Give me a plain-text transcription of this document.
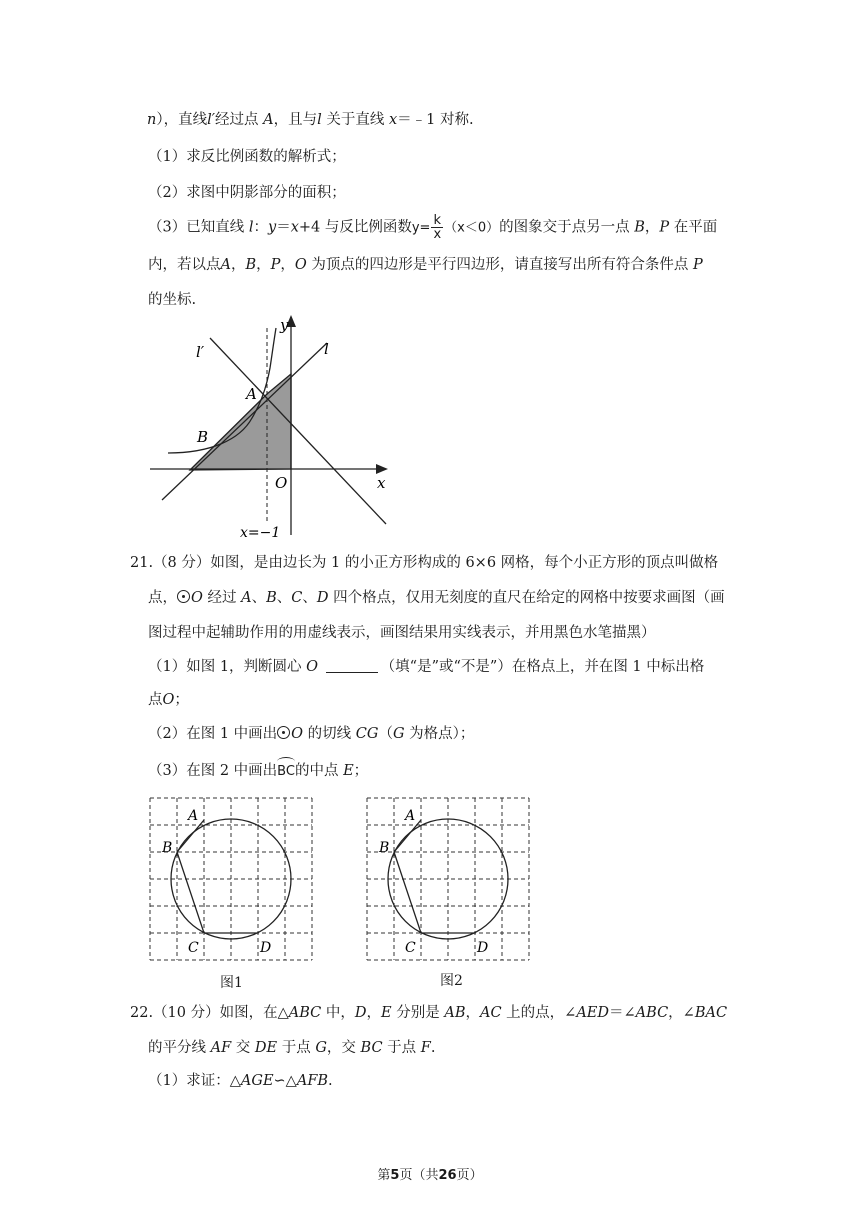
n），直线l′经过点 A，且与l 关于直线 x＝﹣1 对称.
（1）求反比例函数的解析式；
（2）求图中阴影部分的面积；
（3）已知直线 l：y＝x+4 与反比例函数$y= \frac{k}{x} (x<0)$的图象交于点另一点 B，P 在平面
内，若以点A，B，P，O 为顶点的四边形是平行四边形，请直接写出所有符合条件点 P
的坐标.
y
l′	l
A
B
O	x
x=−1
21.（8 分）如图，是由边长为 1 的小正方形构成的 6×6 网格，每个小正方形的顶点叫做格
点， O 经过 A、B、C、D 四个格点，仅用无刻度的直尺在给定的网格中按要求画图（画
图过程中起辅助作用的用虚线表示，画图结果用实线表示，并用黑色水笔描黑）
（1）如图 1，判断圆心 O	（填“是”或“不是”）在格点上，并在图 1 中标出格
点O；
（2）在图 1 中画出 O 的切线 CG（G 为格点）；
（3）在图 2 中画出BC的中点 E；
A
B
C	D
图1
A
B
C	D
图2
22.（10 分）如图，在△ABC 中，D，E 分别是 AB，AC 上的点，∠AED＝∠ABC，∠BAC
的平分线 AF 交 DE 于点 G，交 BC 于点 F.
（1）求证：△AGE∽△AFB.
第5页（共26页）
